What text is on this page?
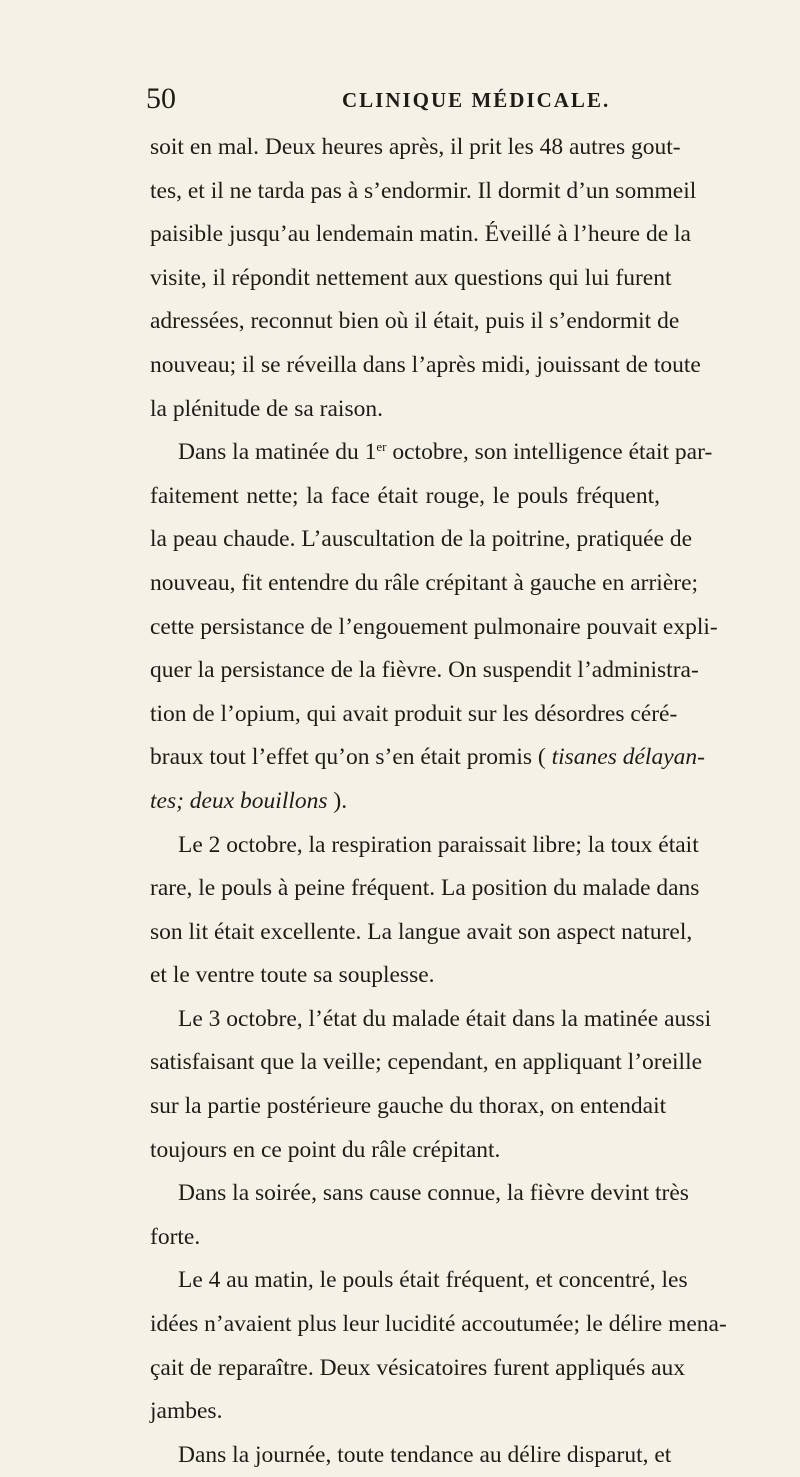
50	CLINIQUE MÉDICALE.
soit en mal. Deux heures après, il prit les 48 autres gout-
tes, et il ne tarda pas à s’endormir. Il dormit d’un sommeil
paisible jusqu’au lendemain matin. Éveillé à l’heure de la
visite, il répondit nettement aux questions qui lui furent
adressées, reconnut bien où il était, puis il s’endormit de
nouveau; il se réveilla dans l’après midi, jouissant de toute
la plénitude de sa raison.
Dans la matinée du 1er octobre, son intelligence était par-
faitement nette; la face était rouge, le pouls fréquent,
la peau chaude. L’auscultation de la poitrine, pratiquée de
nouveau, fit entendre du râle crépitant à gauche en arrière;
cette persistance de l’engouement pulmonaire pouvait expli-
quer la persistance de la fièvre. On suspendit l’administra-
tion de l’opium, qui avait produit sur les désordres céré-
braux tout l’effet qu’on s’en était promis ( tisanes délayan-
tes; deux bouillons ).
Le 2 octobre, la respiration paraissait libre; la toux était
rare, le pouls à peine fréquent. La position du malade dans
son lit était excellente. La langue avait son aspect naturel,
et le ventre toute sa souplesse.
Le 3 octobre, l’état du malade était dans la matinée aussi
satisfaisant que la veille; cependant, en appliquant l’oreille
sur la partie postérieure gauche du thorax, on entendait
toujours en ce point du râle crépitant.
Dans la soirée, sans cause connue, la fièvre devint très
forte.
Le 4 au matin, le pouls était fréquent, et concentré, les
idées n’avaient plus leur lucidité accoutumée; le délire mena-
çait de reparaître. Deux vésicatoires furent appliqués aux
jambes.
Dans la journée, toute tendance au délire disparut, et
